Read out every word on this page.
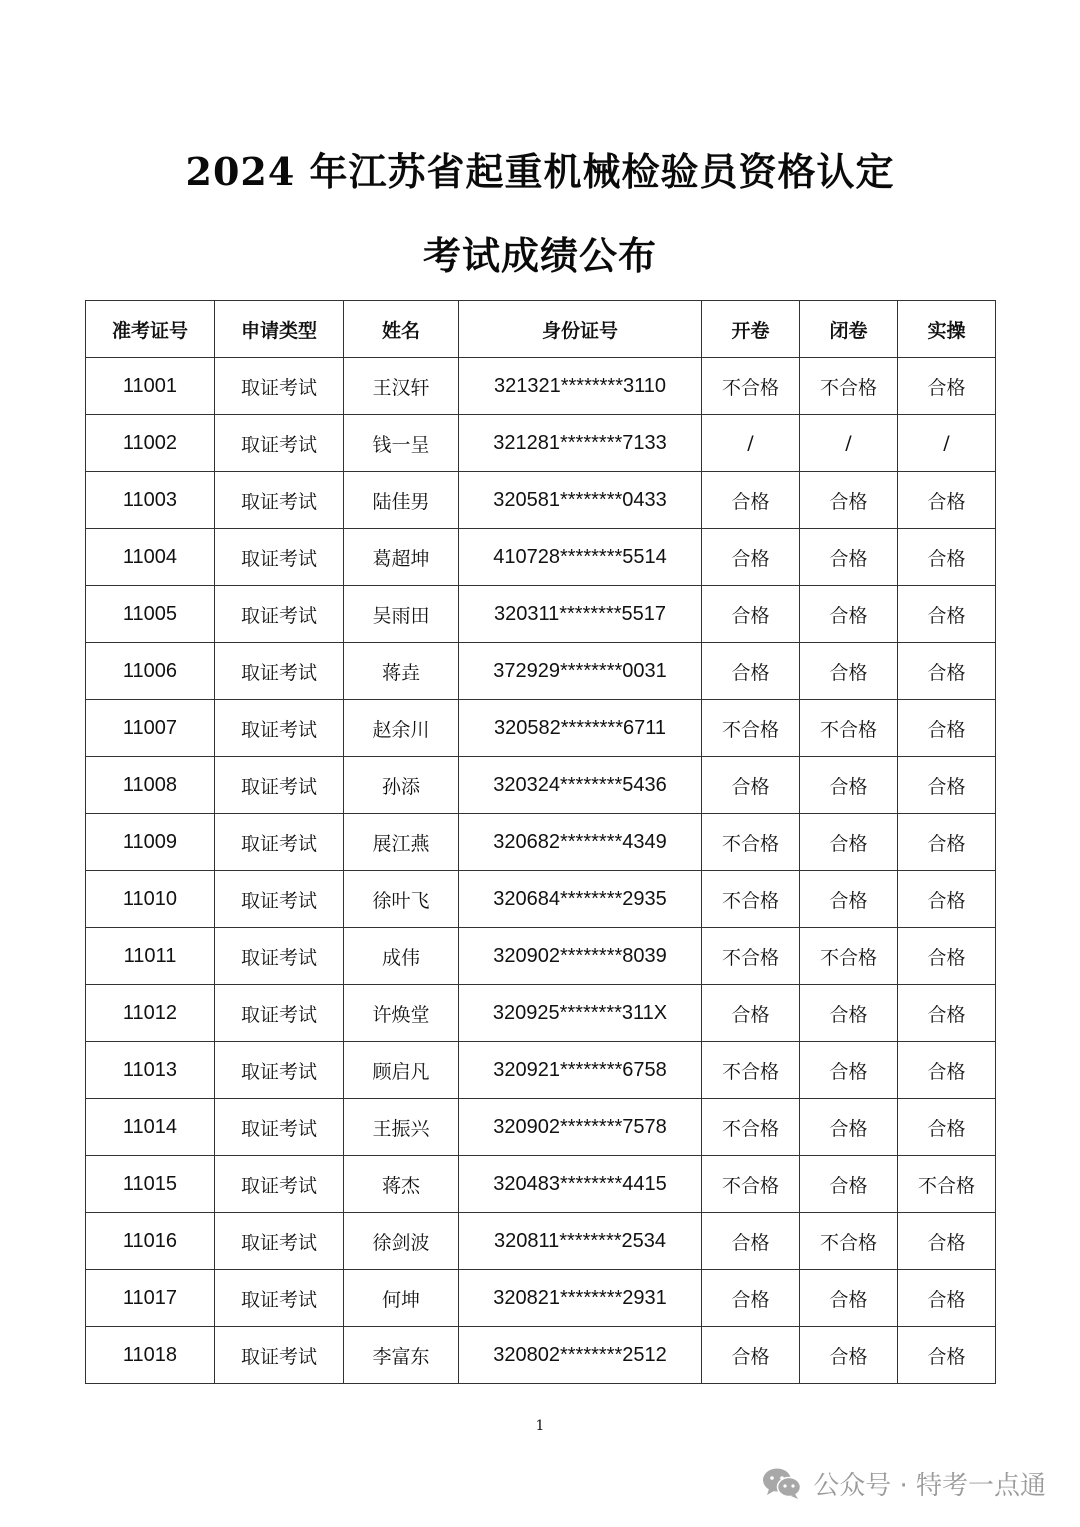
2024 年江苏省起重机械检验员资格认定
考试成绩公布
准考证号	申请类型	姓名	身份证号	开卷	闭卷	实操
11001	取证考试	王汉轩	321321********3110	不合格	不合格	合格
11002	取证考试	钱一呈	321281********7133	/	/	/
11003	取证考试	陆佳男	320581********0433	合格	合格	合格
11004	取证考试	葛超坤	410728********5514	合格	合格	合格
11005	取证考试	吴雨田	320311********5517	合格	合格	合格
11006	取证考试	蒋垚	372929********0031	合格	合格	合格
11007	取证考试	赵余川	320582********6711	不合格	不合格	合格
11008	取证考试	孙添	320324********5436	合格	合格	合格
11009	取证考试	展江燕	320682********4349	不合格	合格	合格
11010	取证考试	徐叶飞	320684********2935	不合格	合格	合格
11011	取证考试	成伟	320902********8039	不合格	不合格	合格
11012	取证考试	许焕堂	320925********311X	合格	合格	合格
11013	取证考试	顾启凡	320921********6758	不合格	合格	合格
11014	取证考试	王振兴	320902********7578	不合格	合格	合格
11015	取证考试	蒋杰	320483********4415	不合格	合格	不合格
11016	取证考试	徐剑波	320811********2534	合格	不合格	合格
11017	取证考试	何坤	320821********2931	合格	合格	合格
11018	取证考试	李富东	320802********2512	合格	合格	合格
1
公众号 · 特考一点通
